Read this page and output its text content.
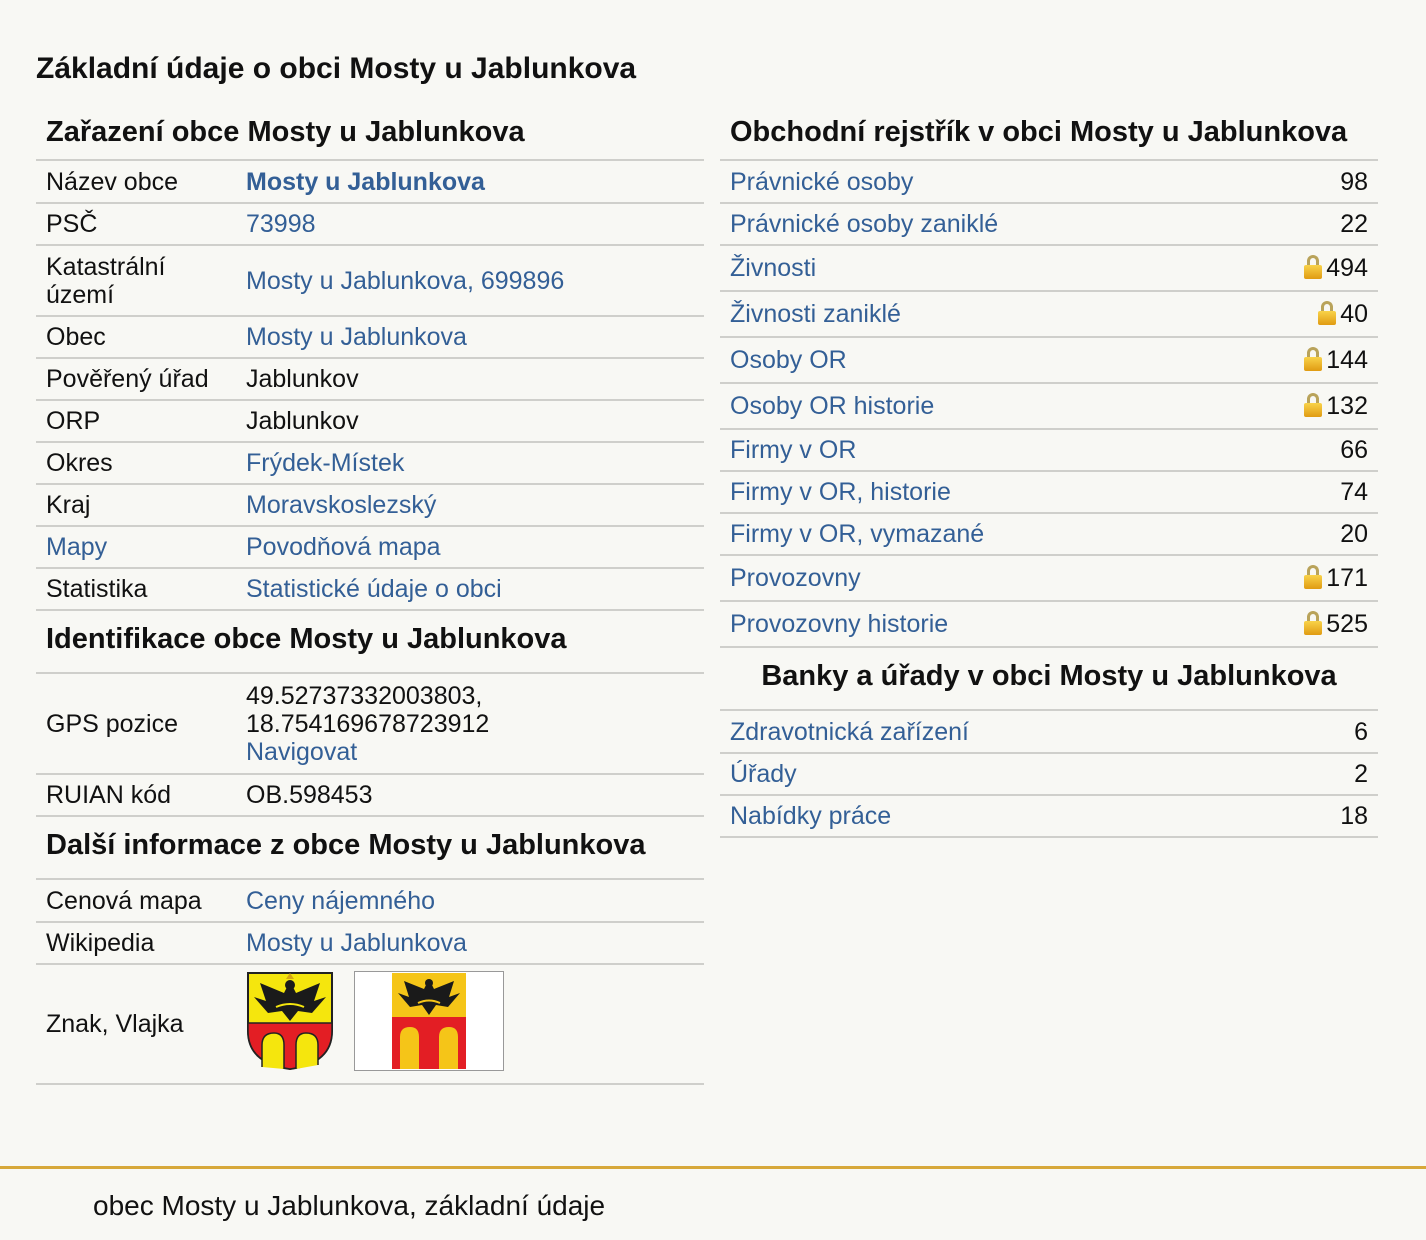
Základní údaje o obci Mosty u Jablunkova
Zařazení obce Mosty u Jablunkova
Název obce	Mosty u Jablunkova
PSČ	73998
Katastrální území	Mosty u Jablunkova, 699896
Obec	Mosty u Jablunkova
Pověřený úřad	Jablunkov
ORP	Jablunkov
Okres	Frýdek-Místek
Kraj	Moravskoslezský
Mapy	Povodňová mapa
Statistika	Statistické údaje o obci
Identifikace obce Mosty u Jablunkova
GPS pozice	49.52737332003803,
18.754169678723912
Navigovat
RUIAN kód	OB.598453
Další informace z obce Mosty u Jablunkova
Cenová mapa	Ceny nájemného
Wikipedia	Mosty u Jablunkova
Znak, Vlajka	
Obchodní rejstřík v obci Mosty u Jablunkova
Právnické osoby	98
Právnické osoby zaniklé	22
Živnosti	494
Živnosti zaniklé	40
Osoby OR	144
Osoby OR historie	132
Firmy v OR	66
Firmy v OR, historie	74
Firmy v OR, vymazané	20
Provozovny	171
Provozovny historie	525
Banky a úřady v obci Mosty u Jablunkova
Zdravotnická zařízení	6
Úřady	2
Nabídky práce	18
obec Mosty u Jablunkova, základní údaje
